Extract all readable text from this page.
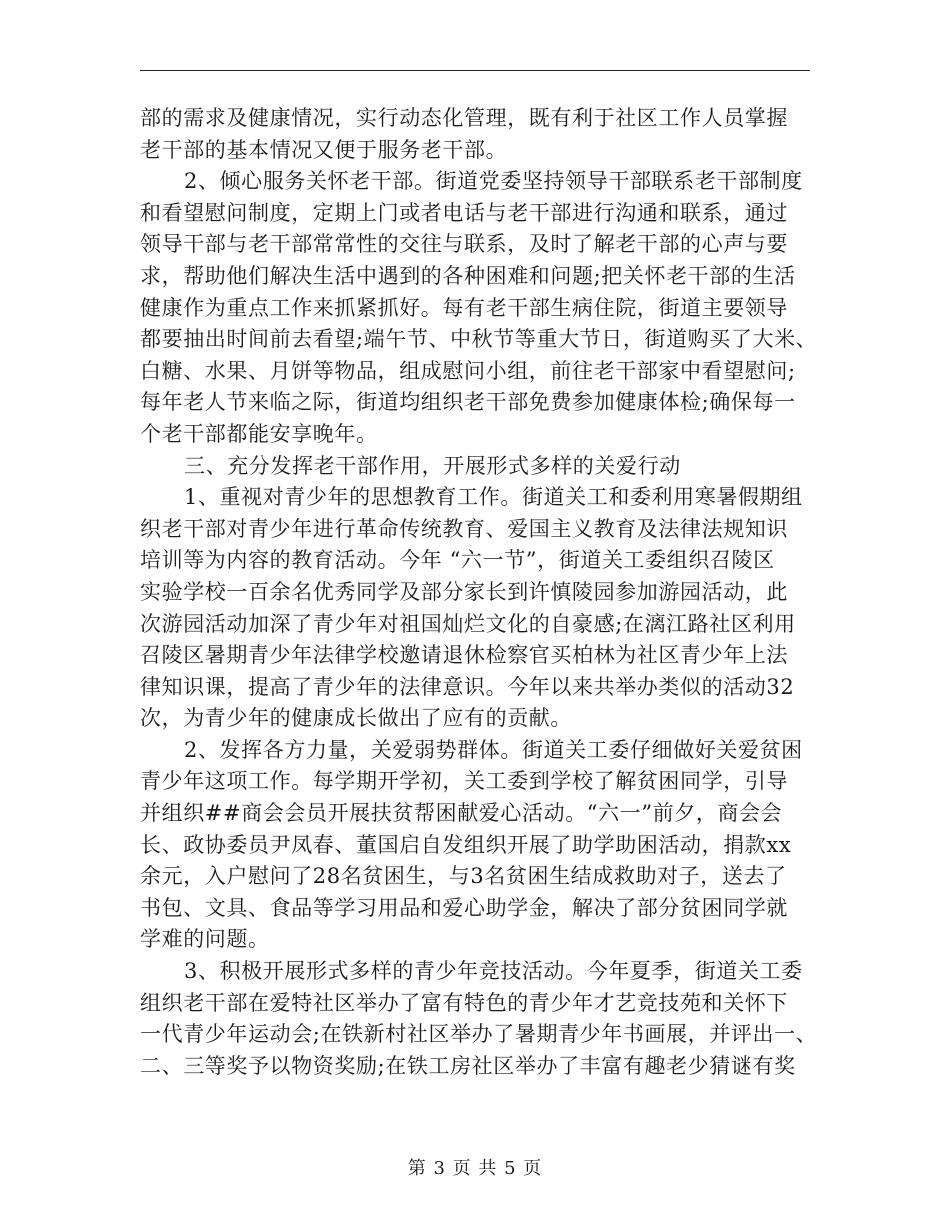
部的需求及健康情况，实行动态化管理，既有利于社区工作人员掌握
老干部的基本情况又便于服务老干部。
2、倾心服务关怀老干部。街道党委坚持领导干部联系老干部制度
和看望慰问制度，定期上门或者电话与老干部进行沟通和联系，通过
领导干部与老干部常常性的交往与联系，及时了解老干部的心声与要
求，帮助他们解决生活中遇到的各种困难和问题;把关怀老干部的生活
健康作为重点工作来抓紧抓好。每有老干部生病住院，街道主要领导
都要抽出时间前去看望;端午节、中秋节等重大节日，街道购买了大米、
白糖、水果、月饼等物品，组成慰问小组，前往老干部家中看望慰问;
每年老人节来临之际，街道均组织老干部免费参加健康体检;确保每一
个老干部都能安享晚年。
三、充分发挥老干部作用，开展形式多样的关爱行动
1、重视对青少年的思想教育工作。街道关工和委利用寒暑假期组
织老干部对青少年进行革命传统教育、爱国主义教育及法律法规知识
培训等为内容的教育活动。今年 “六一节”，街道关工委组织召陵区
实验学校一百余名优秀同学及部分家长到许慎陵园参加游园活动，此
次游园活动加深了青少年对祖国灿烂文化的自豪感;在漓江路社区利用
召陵区暑期青少年法律学校邀请退休检察官买柏林为社区青少年上法
律知识课，提高了青少年的法律意识。今年以来共举办类似的活动32
次，为青少年的健康成长做出了应有的贡献。
2、发挥各方力量，关爱弱势群体。街道关工委仔细做好关爱贫困
青少年这项工作。每学期开学初，关工委到学校了解贫困同学，引导
并组织##商会会员开展扶贫帮困献爱心活动。“六一”前夕，商会会
长、政协委员尹凤春、董国启自发组织开展了助学助困活动，捐款xx
余元，入户慰问了28名贫困生，与3名贫困生结成救助对子，送去了
书包、文具、食品等学习用品和爱心助学金，解决了部分贫困同学就
学难的问题。
3、积极开展形式多样的青少年竞技活动。今年夏季，街道关工委
组织老干部在爱特社区举办了富有特色的青少年才艺竞技苑和关怀下
一代青少年运动会;在铁新村社区举办了暑期青少年书画展，并评出一、
二、三等奖予以物资奖励;在铁工房社区举办了丰富有趣老少猜谜有奖
第 3 页 共 5 页
